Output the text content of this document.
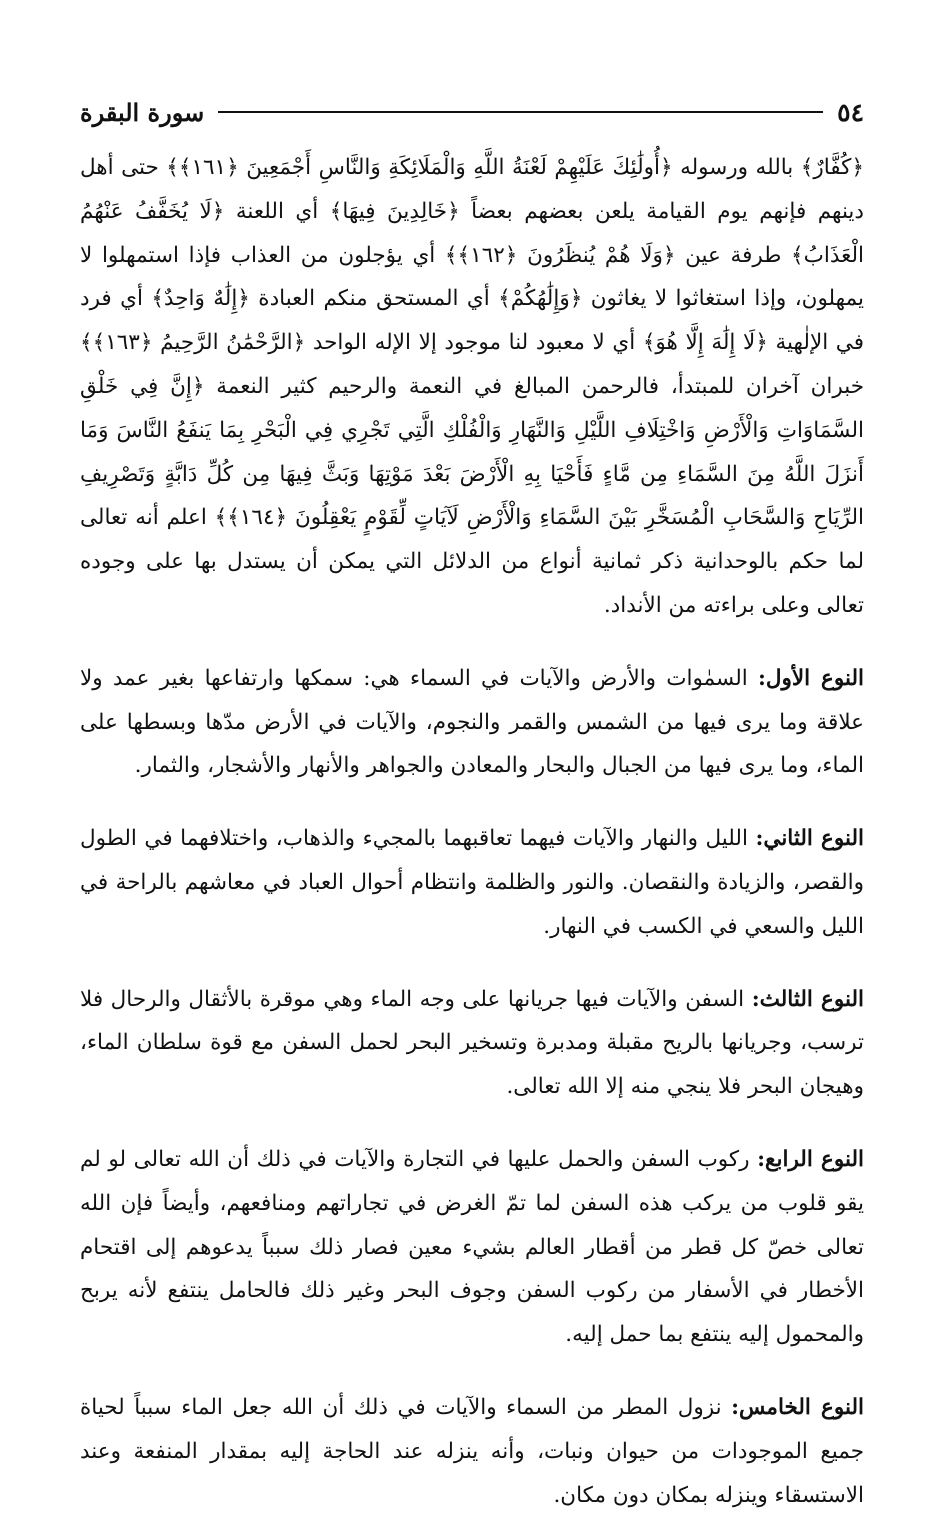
٥٤
سورة البقرة

﴿كُفَّارٌ﴾ بالله ورسوله ﴿أُولَٰئِكَ عَلَيْهِمْ لَعْنَةُ اللَّهِ وَالْمَلَائِكَةِ وَالنَّاسِ أَجْمَعِينَ ﴿١٦١﴾﴾ حتى أهل دينهم فإنهم يوم القيامة يلعن بعضهم بعضاً ﴿خَالِدِينَ فِيهَا﴾ أي اللعنة ﴿لَا يُخَفَّفُ عَنْهُمُ الْعَذَابُ﴾ طرفة عين ﴿وَلَا هُمْ يُنظَرُونَ ﴿١٦٢﴾﴾ أي يؤجلون من العذاب فإذا استمهلوا لا يمهلون، وإذا استغاثوا لا يغاثون ﴿وَإِلَٰهُكُمْ﴾ أي المستحق منكم العبادة ﴿إِلَٰهٌ وَاحِدٌ﴾ أي فرد في الإلٰهية ﴿لَا إِلَٰهَ إِلَّا هُوَ﴾ أي لا معبود لنا موجود إلا الإله الواحد ﴿الرَّحْمَٰنُ الرَّحِيمُ ﴿١٦٣﴾﴾ خبران آخران للمبتدأ، فالرحمن المبالغ في النعمة والرحيم كثير النعمة ﴿إِنَّ فِي خَلْقِ السَّمَاوَاتِ وَالْأَرْضِ وَاخْتِلَافِ اللَّيْلِ وَالنَّهَارِ وَالْفُلْكِ الَّتِي تَجْرِي فِي الْبَحْرِ بِمَا يَنفَعُ النَّاسَ وَمَا أَنزَلَ اللَّهُ مِنَ السَّمَاءِ مِن مَّاءٍ فَأَحْيَا بِهِ الْأَرْضَ بَعْدَ مَوْتِهَا وَبَثَّ فِيهَا مِن كُلِّ دَابَّةٍ وَتَصْرِيفِ الرِّيَاحِ وَالسَّحَابِ الْمُسَخَّرِ بَيْنَ السَّمَاءِ وَالْأَرْضِ لَآيَاتٍ لِّقَوْمٍ يَعْقِلُونَ ﴿١٦٤﴾﴾ اعلم أنه تعالى لما حكم بالوحدانية ذكر ثمانية أنواع من الدلائل التي يمكن أن يستدل بها على وجوده تعالى وعلى براءته من الأنداد.

النوع الأول: السمٰوات والأرض والآيات في السماء هي: سمكها وارتفاعها بغير عمد ولا علاقة وما يرى فيها من الشمس والقمر والنجوم، والآيات في الأرض مدّها وبسطها على الماء، وما يرى فيها من الجبال والبحار والمعادن والجواهر والأنهار والأشجار، والثمار.

النوع الثاني: الليل والنهار والآيات فيهما تعاقبهما بالمجيء والذهاب، واختلافهما في الطول والقصر، والزيادة والنقصان. والنور والظلمة وانتظام أحوال العباد في معاشهم بالراحة في الليل والسعي في الكسب في النهار.

النوع الثالث: السفن والآيات فيها جريانها على وجه الماء وهي موقرة بالأثقال والرحال فلا ترسب، وجريانها بالريح مقبلة ومدبرة وتسخير البحر لحمل السفن مع قوة سلطان الماء، وهيجان البحر فلا ينجي منه إلا الله تعالى.

النوع الرابع: ركوب السفن والحمل عليها في التجارة والآيات في ذلك أن الله تعالى لو لم يقو قلوب من يركب هذه السفن لما تمّ الغرض في تجاراتهم ومنافعهم، وأيضاً فإن الله تعالى خصّ كل قطر من أقطار العالم بشيء معين فصار ذلك سبباً يدعوهم إلى اقتحام الأخطار في الأسفار من ركوب السفن وجوف البحر وغير ذلك فالحامل ينتفع لأنه يربح والمحمول إليه ينتفع بما حمل إليه.

النوع الخامس: نزول المطر من السماء والآيات في ذلك أن الله جعل الماء سبباً لحياة جميع الموجودات من حيوان ونبات، وأنه ينزله عند الحاجة إليه بمقدار المنفعة وعند الاستسقاء وينزله بمكان دون مكان.
